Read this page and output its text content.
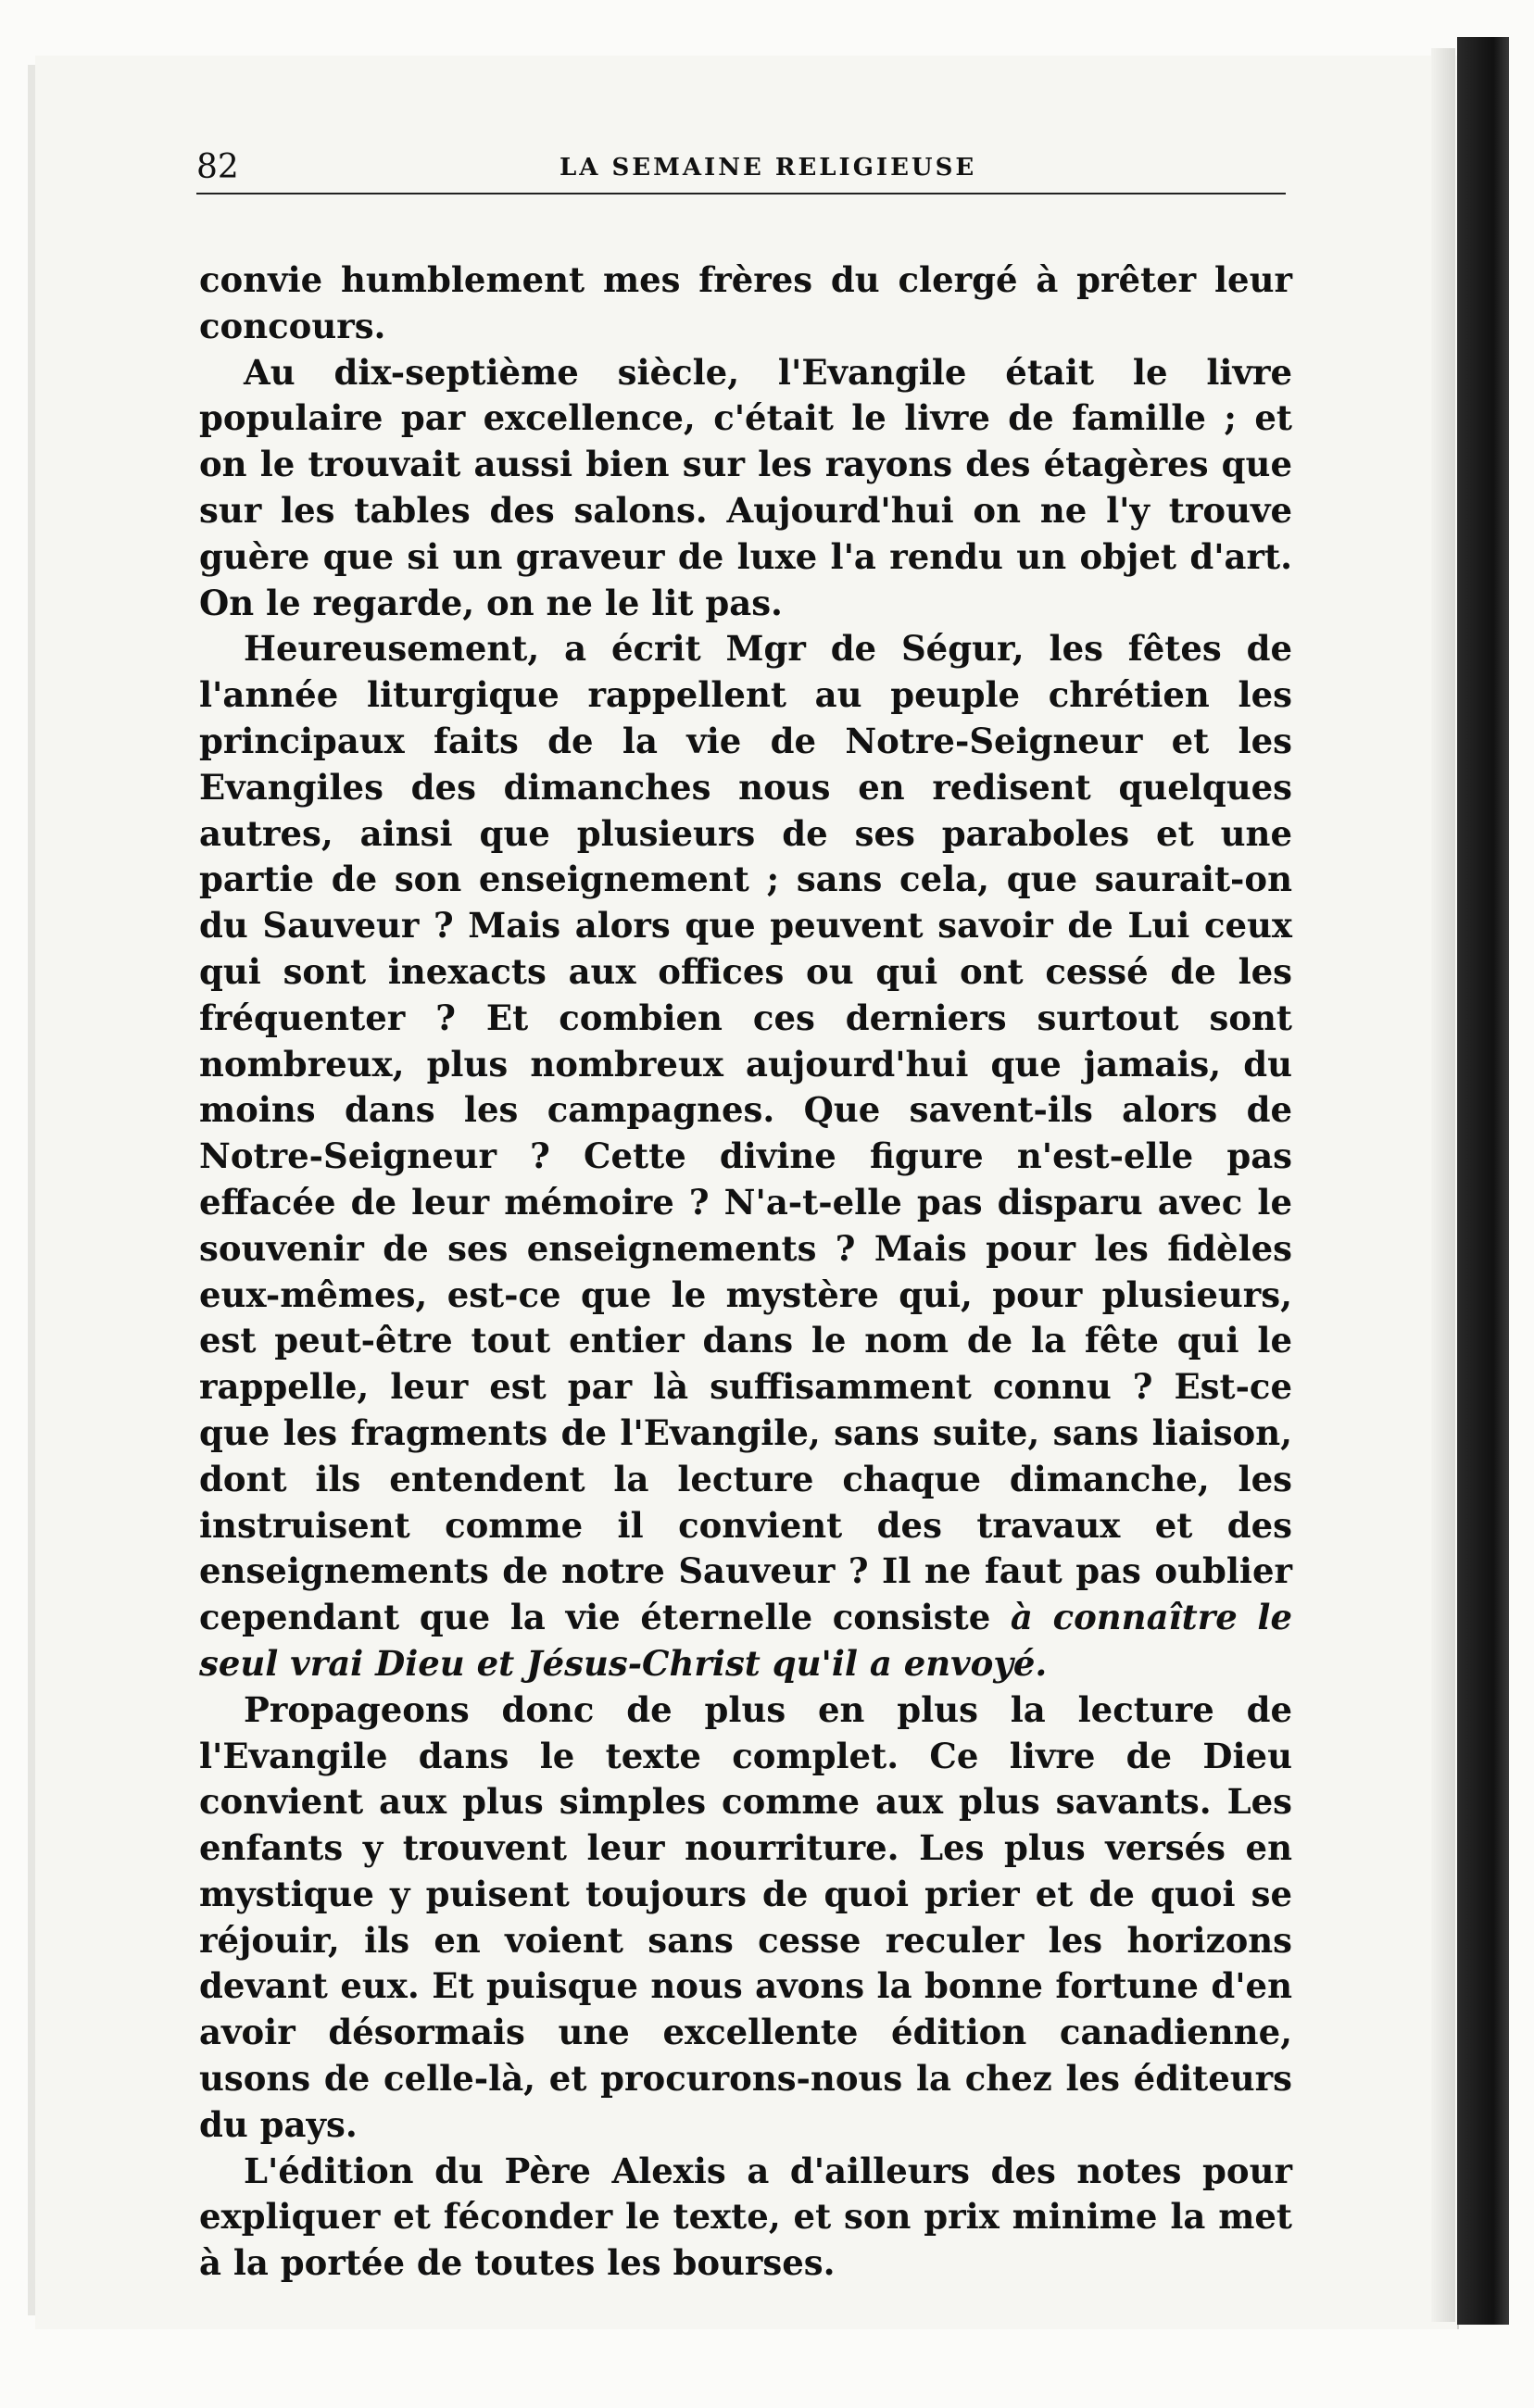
82	LA SEMAINE RELIGIEUSE

convie humblement mes frères du clergé à prêter leur concours.

Au dix-septième siècle, l'Evangile était le livre populaire par excellence, c'était le livre de famille ; et on le trouvait aussi bien sur les rayons des étagères que sur les tables des salons. Aujourd'hui on ne l'y trouve guère que si un graveur de luxe l'a rendu un objet d'art. On le regarde, on ne le lit pas.

Heureusement, a écrit Mgr de Ségur, les fêtes de l'année liturgique rappellent au peuple chrétien les principaux faits de la vie de Notre-Seigneur et les Evangiles des dimanches nous en redisent quelques autres, ainsi que plusieurs de ses paraboles et une partie de son enseignement ; sans cela, que saurait-on du Sauveur ? Mais alors que peuvent savoir de Lui ceux qui sont inexacts aux offices ou qui ont cessé de les fréquenter ? Et combien ces derniers surtout sont nombreux, plus nombreux aujourd'hui que jamais, du moins dans les campagnes. Que savent-ils alors de Notre-Seigneur ? Cette divine figure n'est-elle pas effacée de leur mémoire ? N'a-t-elle pas disparu avec le souvenir de ses enseignements ? Mais pour les fidèles eux-mêmes, est-ce que le mystère qui, pour plusieurs, est peut-être tout entier dans le nom de la fête qui le rappelle, leur est par là suffisamment connu ? Est-ce que les fragments de l'Evangile, sans suite, sans liaison, dont ils entendent la lecture chaque dimanche, les instruisent comme il convient des travaux et des enseignements de notre Sauveur ? Il ne faut pas oublier cependant que la vie éternelle consiste à connaître le seul vrai Dieu et Jésus-Christ qu'il a envoyé.

Propageons donc de plus en plus la lecture de l'Evangile dans le texte complet. Ce livre de Dieu convient aux plus simples comme aux plus savants. Les enfants y trouvent leur nourriture. Les plus versés en mystique y puisent toujours de quoi prier et de quoi se réjouir, ils en voient sans cesse reculer les horizons devant eux. Et puisque nous avons la bonne fortune d'en avoir désormais une excellente édition canadienne, usons de celle-là, et procurons-nous la chez les éditeurs du pays.

L'édition du Père Alexis a d'ailleurs des notes pour expliquer et féconder le texte, et son prix minime la met à la portée de toutes les bourses.
